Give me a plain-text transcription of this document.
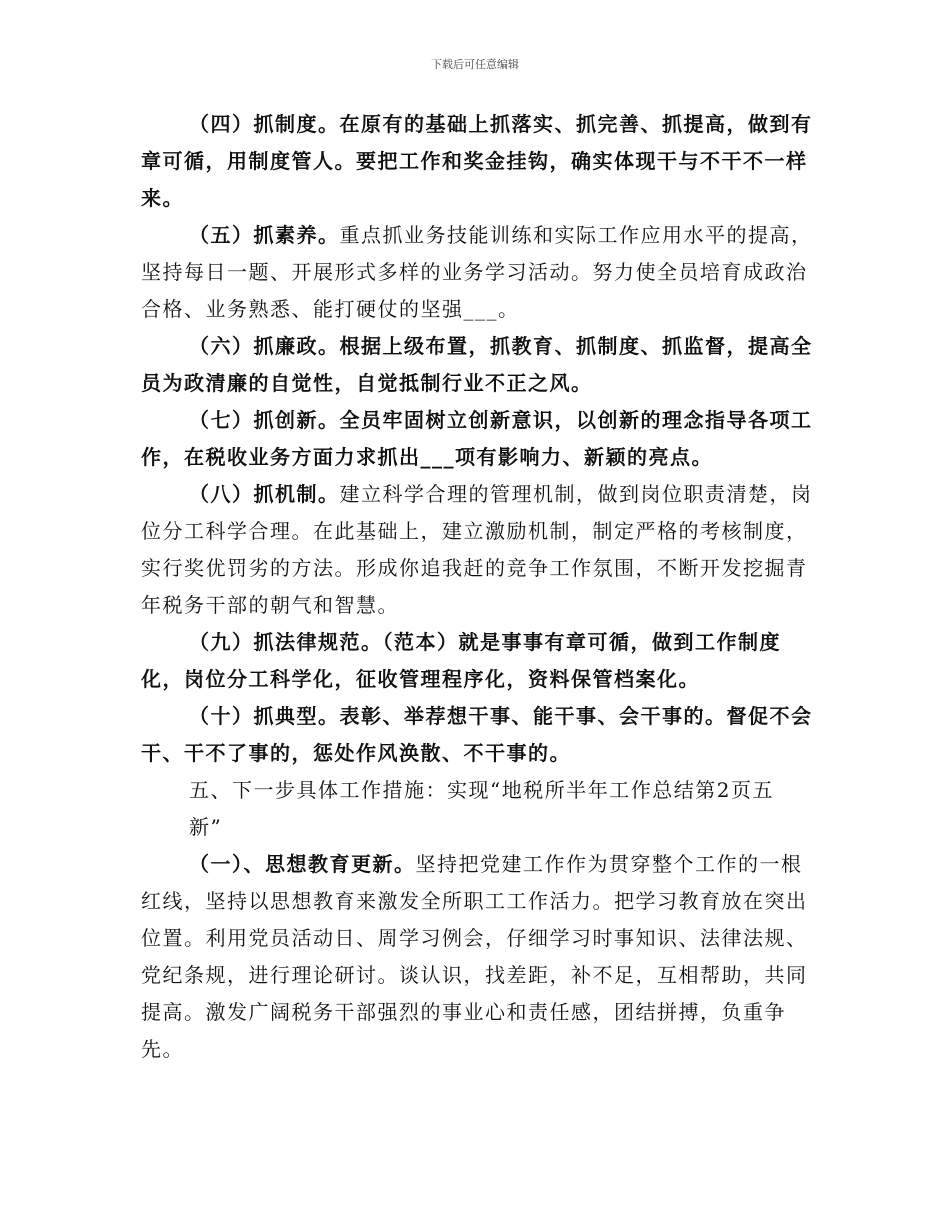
下载后可任意编辑

（四）抓制度。在原有的基础上抓落实、抓完善、抓提高，做到有章可循，用制度管人。要把工作和奖金挂钩，确实体现干与不干不一样来。

（五）抓素养。重点抓业务技能训练和实际工作应用水平的提高，坚持每日一题、开展形式多样的业务学习活动。努力使全员培育成政治合格、业务熟悉、能打硬仗的坚强___。

（六）抓廉政。根据上级布置，抓教育、抓制度、抓监督，提高全员为政清廉的自觉性，自觉抵制行业不正之风。

（七）抓创新。全员牢固树立创新意识，以创新的理念指导各项工作，在税收业务方面力求抓出___项有影响力、新颖的亮点。

（八）抓机制。建立科学合理的管理机制，做到岗位职责清楚，岗位分工科学合理。在此基础上，建立激励机制，制定严格的考核制度，实行奖优罚劣的方法。形成你追我赶的竞争工作氛围，不断开发挖掘青年税务干部的朝气和智慧。

（九）抓法律规范。（范本）就是事事有章可循，做到工作制度化，岗位分工科学化，征收管理程序化，资料保管档案化。

（十）抓典型。表彰、举荐想干事、能干事、会干事的。督促不会干、干不了事的，惩处作风涣散、不干事的。

五、下一步具体工作措施：实现“地税所半年工作总结第2页五新”

（一）、思想教育更新。坚持把党建工作作为贯穿整个工作的一根红线，坚持以思想教育来激发全所职工工作活力。把学习教育放在突出位置。利用党员活动日、周学习例会，仔细学习时事知识、法律法规、党纪条规，进行理论研讨。谈认识，找差距，补不足，互相帮助，共同提高。激发广阔税务干部强烈的事业心和责任感，团结拼搏，负重争先。
